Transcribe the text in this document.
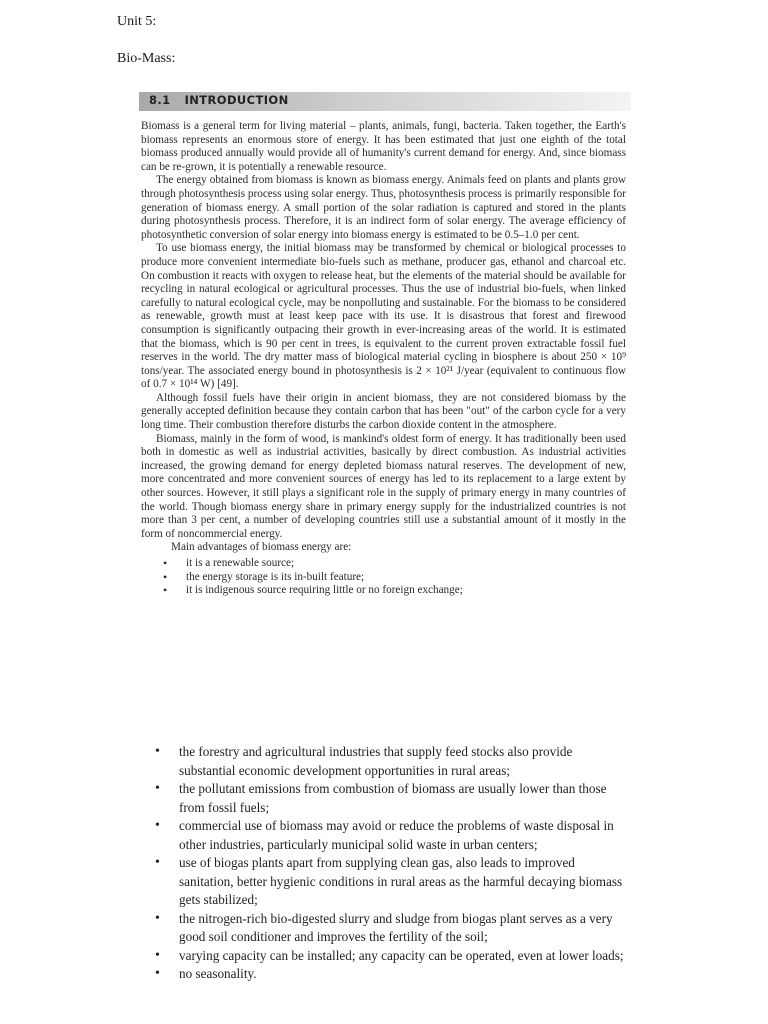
Unit 5:
Bio-Mass:
8.1 INTRODUCTION

Biomass is a general term for living material – plants, animals, fungi, bacteria. Taken together, the Earth's biomass represents an enormous store of energy. It has been estimated that just one eighth of the total biomass produced annually would provide all of humanity's current demand for energy. And, since biomass can be re-grown, it is potentially a renewable resource.

The energy obtained from biomass is known as biomass energy. Animals feed on plants and plants grow through photosynthesis process using solar energy. Thus, photosynthesis process is primarily responsible for generation of biomass energy. A small portion of the solar radiation is captured and stored in the plants during photosynthesis process. Therefore, it is an indirect form of solar energy. The average efficiency of photosynthetic conversion of solar energy into biomass energy is estimated to be 0.5–1.0 per cent.

To use biomass energy, the initial biomass may be transformed by chemical or biological processes to produce more convenient intermediate bio-fuels such as methane, producer gas, ethanol and charcoal etc. On combustion it reacts with oxygen to release heat, but the elements of the material should be available for recycling in natural ecological or agricultural processes. Thus the use of industrial bio-fuels, when linked carefully to natural ecological cycle, may be nonpolluting and sustainable. For the biomass to be considered as renewable, growth must at least keep pace with its use. It is disastrous that forest and firewood consumption is significantly outpacing their growth in ever-increasing areas of the world. It is estimated that the biomass, which is 90 per cent in trees, is equivalent to the current proven extractable fossil fuel reserves in the world. The dry matter mass of biological material cycling in biosphere is about 250 × 10⁹ tons/year. The associated energy bound in photosynthesis is 2 × 10²¹ J/year (equivalent to continuous flow of 0.7 × 10¹⁴ W) [49].

Although fossil fuels have their origin in ancient biomass, they are not considered biomass by the generally accepted definition because they contain carbon that has been "out" of the carbon cycle for a very long time. Their combustion therefore disturbs the carbon dioxide content in the atmosphere.

Biomass, mainly in the form of wood, is mankind's oldest form of energy. It has traditionally been used both in domestic as well as industrial activities, basically by direct combustion. As industrial activities increased, the growing demand for energy depleted biomass natural reserves. The development of new, more concentrated and more convenient sources of energy has led to its replacement to a large extent by other sources. However, it still plays a significant role in the supply of primary energy in many countries of the world. Though biomass energy share in primary energy supply for the industrialized countries is not more than 3 per cent, a number of developing countries still use a substantial amount of it mostly in the form of noncommercial energy.

Main advantages of biomass energy are:

• it is a renewable source;
• the energy storage is its in-built feature;
• it is indigenous source requiring little or no foreign exchange;
• the forestry and agricultural industries that supply feed stocks also provide substantial economic development opportunities in rural areas;
• the pollutant emissions from combustion of biomass are usually lower than those from fossil fuels;
• commercial use of biomass may avoid or reduce the problems of waste disposal in other industries, particularly municipal solid waste in urban centers;
• use of biogas plants apart from supplying clean gas, also leads to improved sanitation, better hygienic conditions in rural areas as the harmful decaying biomass gets stabilized;
• the nitrogen-rich bio-digested slurry and sludge from biogas plant serves as a very good soil conditioner and improves the fertility of the soil;
• varying capacity can be installed; any capacity can be operated, even at lower loads;
• no seasonality.
